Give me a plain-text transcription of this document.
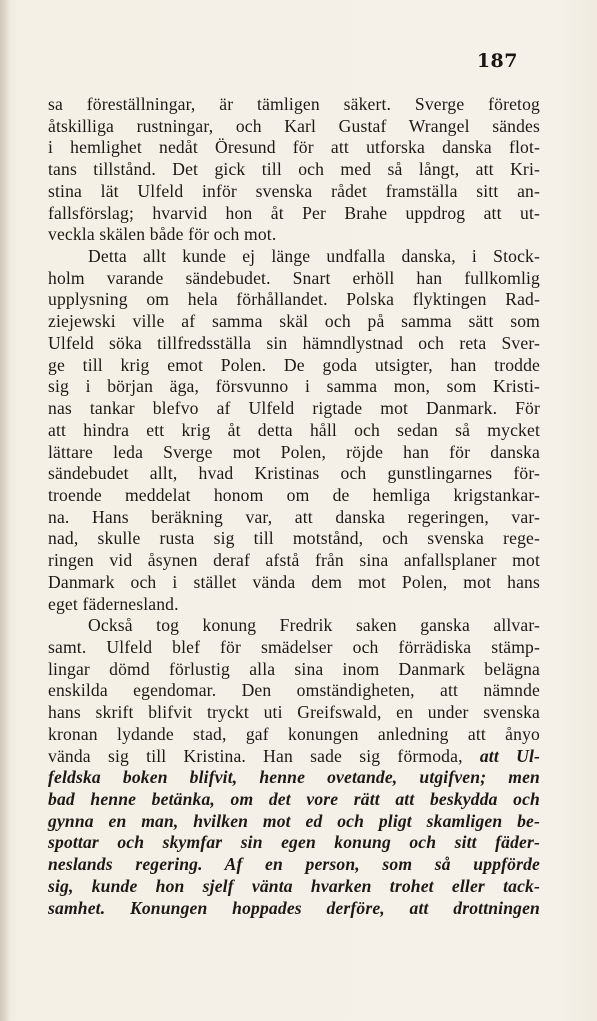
187
sa föreställningar, är tämligen säkert. Sverge företog
åtskilliga rustningar, och Karl Gustaf Wrangel sändes
i hemlighet nedåt Öresund för att utforska danska flot-
tans tillstånd. Det gick till och med så långt, att Kri-
stina lät Ulfeld inför svenska rådet framställa sitt an-
fallsförslag; hvarvid hon åt Per Brahe uppdrog att ut-
veckla skälen både för och mot.
Detta allt kunde ej länge undfalla danska, i Stock-
holm varande sändebudet. Snart erhöll han fullkomlig
upplysning om hela förhållandet. Polska flyktingen Rad-
ziejewski ville af samma skäl och på samma sätt som
Ulfeld söka tillfredsställa sin hämndlystnad och reta Sver-
ge till krig emot Polen. De goda utsigter, han trodde
sig i början äga, försvunno i samma mon, som Kristi-
nas tankar blefvo af Ulfeld rigtade mot Danmark. För
att hindra ett krig åt detta håll och sedan så mycket
lättare leda Sverge mot Polen, röjde han för danska
sändebudet allt, hvad Kristinas och gunstlingarnes för-
troende meddelat honom om de hemliga krigstankar-
na. Hans beräkning var, att danska regeringen, var-
nad, skulle rusta sig till motstånd, och svenska rege-
ringen vid åsynen deraf afstå från sina anfallsplaner mot
Danmark och i stället vända dem mot Polen, mot hans
eget fädernesland.
Också tog konung Fredrik saken ganska allvar-
samt. Ulfeld blef för smädelser och förrädiska stämp-
lingar dömd förlustig alla sina inom Danmark belägna
enskilda egendomar. Den omständigheten, att nämnde
hans skrift blifvit tryckt uti Greifswald, en under svenska
kronan lydande stad, gaf konungen anledning att ånyo
vända sig till Kristina. Han sade sig förmoda, att Ul-
feldska boken blifvit, henne ovetande, utgifven; men
bad henne betänka, om det vore rätt att beskydda och
gynna en man, hvilken mot ed och pligt skamligen be-
spottar och skymfar sin egen konung och sitt fäder-
neslands regering. Af en person, som så uppförde
sig, kunde hon sjelf vänta hvarken trohet eller tack-
samhet. Konungen hoppades derföre, att drottningen
